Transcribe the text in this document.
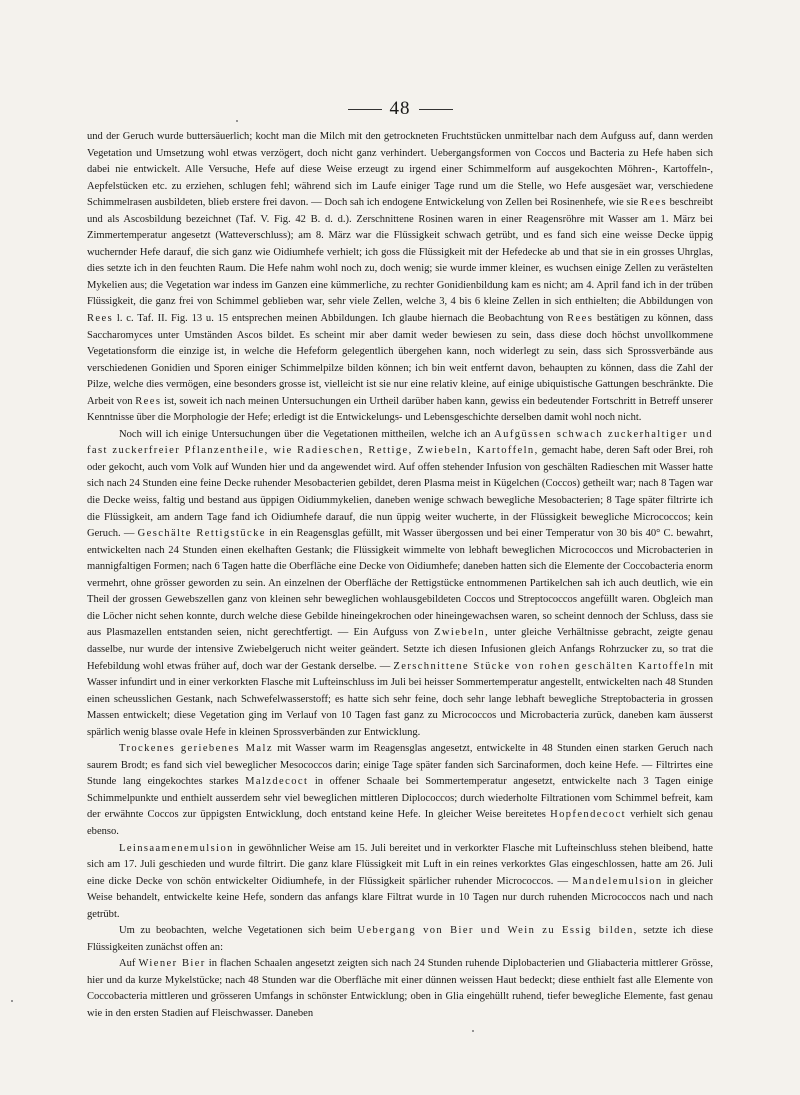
48

und der Geruch wurde buttersäuerlich; kocht man die Milch mit den getrockneten Fruchtstücken unmittelbar nach dem Aufguss auf, dann werden Vegetation und Umsetzung wohl etwas verzögert, doch nicht ganz verhindert. Uebergangsformen von Coccos und Bacteria zu Hefe haben sich dabei nie entwickelt. Alle Versuche, Hefe auf diese Weise erzeugt zu irgend einer Schimmelform auf ausgekochten Möhren-, Kartoffeln-, Aepfelstücken etc. zu erziehen, schlugen fehl; während sich im Laufe einiger Tage rund um die Stelle, wo Hefe ausgesäet war, verschiedene Schimmelrasen ausbildeten, blieb erstere frei davon. — Doch sah ich endogene Entwickelung von Zellen bei Rosinenhefe, wie sie Rees beschreibt und als Ascosbildung bezeichnet (Taf. V. Fig. 42 B. d. d.). Zerschnittene Rosinen waren in einer Reagensröhre mit Wasser am 1. März bei Zimmertemperatur angesetzt (Watteverschluss); am 8. März war die Flüssigkeit schwach getrübt, und es fand sich eine weisse Decke üppig wuchernder Hefe darauf, die sich ganz wie Oidiumhefe verhielt; ich goss die Flüssigkeit mit der Hefedecke ab und that sie in ein grosses Uhrglas, dies setzte ich in den feuchten Raum. Die Hefe nahm wohl noch zu, doch wenig; sie wurde immer kleiner, es wuchsen einige Zellen zu verästelten Mykelien aus; die Vegetation war indess im Ganzen eine kümmerliche, zu rechter Gonidienbildung kam es nicht; am 4. April fand ich in der trüben Flüssigkeit, die ganz frei von Schimmel geblieben war, sehr viele Zellen, welche 3, 4 bis 6 kleine Zellen in sich enthielten; die Abbildungen von Rees l. c. Taf. II. Fig. 13 u. 15 entsprechen meinen Abbildungen. Ich glaube hiernach die Beobachtung von Rees bestätigen zu können, dass Saccharomyces unter Umständen Ascos bildet. Es scheint mir aber damit weder bewiesen zu sein, dass diese doch höchst unvollkommene Vegetationsform die einzige ist, in welche die Hefeform gelegentlich übergehen kann, noch widerlegt zu sein, dass sich Sprossverbände aus verschiedenen Gonidien und Sporen einiger Schimmelpilze bilden können; ich bin weit entfernt davon, behaupten zu können, dass die Zahl der Pilze, welche dies vermögen, eine besonders grosse ist, vielleicht ist sie nur eine relativ kleine, auf einige ubiquistische Gattungen beschränkte. Die Arbeit von Rees ist, soweit ich nach meinen Untersuchungen ein Urtheil darüber haben kann, gewiss ein bedeutender Fortschritt in Betreff unserer Kenntnisse über die Morphologie der Hefe; erledigt ist die Entwickelungs- und Lebensgeschichte derselben damit wohl noch nicht.

Noch will ich einige Untersuchungen über die Vegetationen mittheilen, welche ich an Aufgüssen schwach zuckerhaltiger und fast zuckerfreier Pflanzentheile, wie Radieschen, Rettige, Zwiebeln, Kartoffeln, gemacht habe, deren Saft oder Brei, roh oder gekocht, auch vom Volk auf Wunden hier und da angewendet wird. Auf offen stehender Infusion von geschälten Radieschen mit Wasser hatte sich nach 24 Stunden eine feine Decke ruhender Mesobacterien gebildet, deren Plasma meist in Kügelchen (Coccos) getheilt war; nach 8 Tagen war die Decke weiss, faltig und bestand aus üppigen Oidiummykelien, daneben wenige schwach bewegliche Mesobacterien; 8 Tage später filtrirte ich die Flüssigkeit, am andern Tage fand ich Oidiumhefe darauf, die nun üppig weiter wucherte, in der Flüssigkeit bewegliche Micrococcos; kein Geruch. — Geschälte Rettigstücke in ein Reagensglas gefüllt, mit Wasser übergossen und bei einer Temperatur von 30 bis 40° C. bewahrt, entwickelten nach 24 Stunden einen ekelhaften Gestank; die Flüssigkeit wimmelte von lebhaft beweglichen Micrococcos und Microbacterien in mannigfaltigen Formen; nach 6 Tagen hatte die Oberfläche eine Decke von Oidiumhefe; daneben hatten sich die Elemente der Coccobacteria enorm vermehrt, ohne grösser geworden zu sein. An einzelnen der Oberfläche der Rettigstücke entnommenen Partikelchen sah ich auch deutlich, wie ein Theil der grossen Gewebszellen ganz von kleinen sehr beweglichen wohlausgebildeten Coccos und Streptococcos angefüllt waren. Obgleich man die Löcher nicht sehen konnte, durch welche diese Gebilde hineingekrochen oder hineingewachsen waren, so scheint dennoch der Schluss, dass sie aus Plasmazellen entstanden seien, nicht gerechtfertigt. — Ein Aufguss von Zwiebeln, unter gleiche Verhältnisse gebracht, zeigte genau dasselbe, nur wurde der intensive Zwiebelgeruch nicht weiter geändert. Setzte ich diesen Infusionen gleich Anfangs Rohrzucker zu, so trat die Hefebildung wohl etwas früher auf, doch war der Gestank derselbe. — Zerschnittene Stücke von rohen geschälten Kartoffeln mit Wasser infundirt und in einer verkorkten Flasche mit Lufteinschluss im Juli bei heisser Sommertemperatur angestellt, entwickelten nach 48 Stunden einen scheusslichen Gestank, nach Schwefelwasserstoff; es hatte sich sehr feine, doch sehr lange lebhaft bewegliche Streptobacteria in grossen Massen entwickelt; diese Vegetation ging im Verlauf von 10 Tagen fast ganz zu Micrococcos und Microbacteria zurück, daneben kam äusserst spärlich wenig blasse ovale Hefe in kleinen Sprossverbänden zur Entwicklung.

Trockenes geriebenes Malz mit Wasser warm im Reagensglas angesetzt, entwickelte in 48 Stunden einen starken Geruch nach saurem Brodt; es fand sich viel beweglicher Mesococcos darin; einige Tage später fanden sich Sarcinaformen, doch keine Hefe. — Filtrirtes eine Stunde lang eingekochtes starkes Malzdecoct in offener Schaale bei Sommertemperatur angesetzt, entwickelte nach 3 Tagen einige Schimmelpunkte und enthielt ausserdem sehr viel beweglichen mittleren Diplococcos; durch wiederholte Filtrationen vom Schimmel befreit, kam der erwähnte Coccos zur üppigsten Entwicklung, doch entstand keine Hefe. In gleicher Weise bereitetes Hopfendecoct verhielt sich genau ebenso.

Leinsaamenemulsion in gewöhnlicher Weise am 15. Juli bereitet und in verkorkter Flasche mit Lufteinschluss stehen bleibend, hatte sich am 17. Juli geschieden und wurde filtrirt. Die ganz klare Flüssigkeit mit Luft in ein reines verkorktes Glas eingeschlossen, hatte am 26. Juli eine dicke Decke von schön entwickelter Oidiumhefe, in der Flüssigkeit spärlicher ruhender Micrococcos. — Mandelemulsion in gleicher Weise behandelt, entwickelte keine Hefe, sondern das anfangs klare Filtrat wurde in 10 Tagen nur durch ruhenden Micrococcos nach und nach getrübt.

Um zu beobachten, welche Vegetationen sich beim Uebergang von Bier und Wein zu Essig bilden, setzte ich diese Flüssigkeiten zunächst offen an:

Auf Wiener Bier in flachen Schaalen angesetzt zeigten sich nach 24 Stunden ruhende Diplobacterien und Gliabacteria mittlerer Grösse, hier und da kurze Mykelstücke; nach 48 Stunden war die Oberfläche mit einer dünnen weissen Haut bedeckt; diese enthielt fast alle Elemente von Coccobacteria mittleren und grösseren Umfangs in schönster Entwicklung; oben in Glia eingehüllt ruhend, tiefer bewegliche Elemente, fast genau wie in den ersten Stadien auf Fleischwasser. Daneben
